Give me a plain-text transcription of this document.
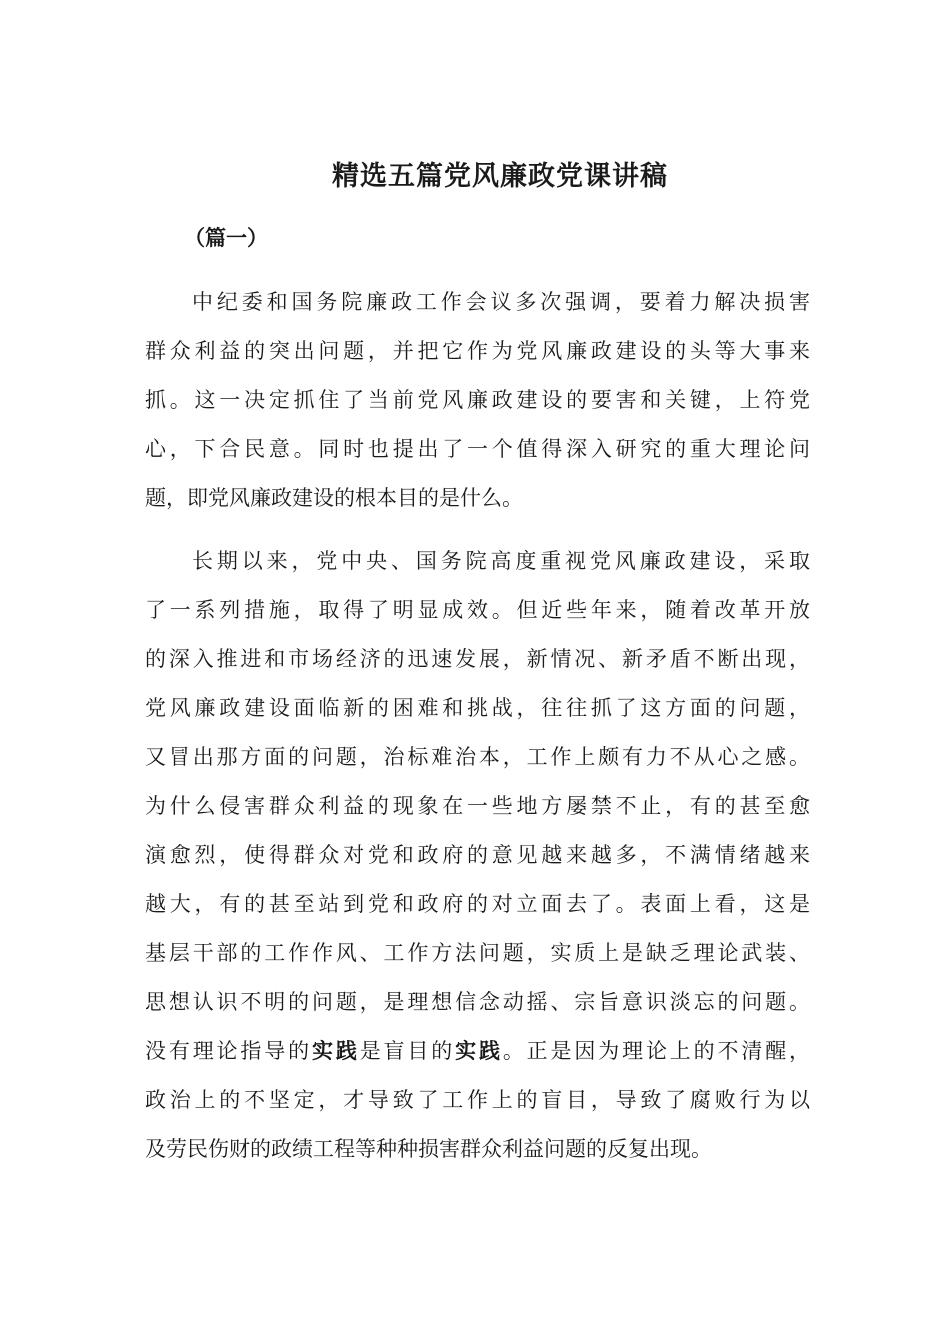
精选五篇党风廉政党课讲稿
（篇一）
中纪委和国务院廉政工作会议多次强调，要着力解决损害
群众利益的突出问题，并把它作为党风廉政建设的头等大事来
抓。这一决定抓住了当前党风廉政建设的要害和关键，上符党
心，下合民意。同时也提出了一个值得深入研究的重大理论问
题，即党风廉政建设的根本目的是什么。
长期以来，党中央、国务院高度重视党风廉政建设，采取
了一系列措施，取得了明显成效。但近些年来，随着改革开放
的深入推进和市场经济的迅速发展，新情况、新矛盾不断出现，
党风廉政建设面临新的困难和挑战，往往抓了这方面的问题，
又冒出那方面的问题，治标难治本，工作上颇有力不从心之感。
为什么侵害群众利益的现象在一些地方屡禁不止，有的甚至愈
演愈烈，使得群众对党和政府的意见越来越多，不满情绪越来
越大，有的甚至站到党和政府的对立面去了。表面上看，这是
基层干部的工作作风、工作方法问题，实质上是缺乏理论武装、
思想认识不明的问题，是理想信念动摇、宗旨意识淡忘的问题。
没有理论指导的实践是盲目的实践。正是因为理论上的不清醒，
政治上的不坚定，才导致了工作上的盲目，导致了腐败行为以
及劳民伤财的政绩工程等种种损害群众利益问题的反复出现。
